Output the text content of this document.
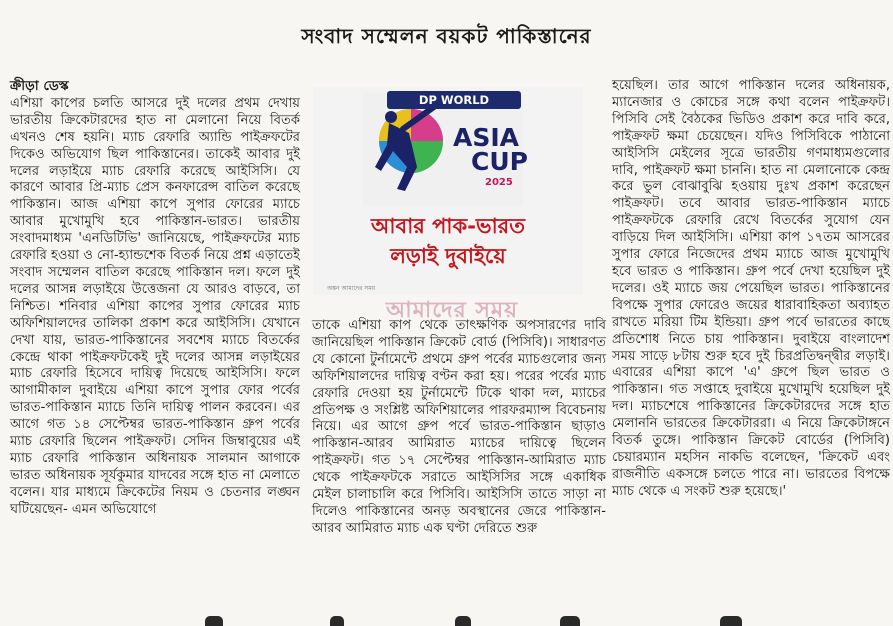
সংবাদ সম্মেলন বয়কট পাকিস্তানের
ক্রীড়া ডেস্ক

এশিয়া কাপের চলতি আসরে দুই দলের প্রথম দেখায় ভারতীয় ক্রিকেটারদের হাত না মেলানো নিয়ে বিতর্ক এখনও শেষ হয়নি। ম্যাচ রেফারি অ্যান্ডি পাইক্রফটের দিকেও অভিযোগ ছিল পাকিস্তানের। তাকেই আবার দুই দলের লড়াইয়ে ম্যাচ রেফারি করেছে আইসিসি। যে কারণে আবার প্রি-ম্যাচ প্রেস কনফারেন্স বাতিল করেছে পাকিস্তান। আজ এশিয়া কাপে সুপার ফোরের ম্যাচে আবার মুখোমুখি হবে পাকিস্তান-ভারত। ভারতীয় সংবাদমাধ্যম 'এনডিটিভি' জানিয়েছে, পাইক্রফটের ম্যাচ রেফারি হওয়া ও নো-হ্যান্ডশেক বিতর্ক নিয়ে প্রশ্ন এড়াতেই সংবাদ সম্মেলন বাতিল করেছে পাকিস্তান দল। ফলে দুই দলের আসন্ন লড়াইয়ে উত্তেজনা যে আরও বাড়বে, তা নিশ্চিত। শনিবার এশিয়া কাপের সুপার ফোরের ম্যাচ অফিশিয়ালদের তালিকা প্রকাশ করে আইসিসি। যেখানে দেখা যায়, ভারত-পাকিস্তানের সবশেষ ম্যাচে বিতর্কের কেন্দ্রে থাকা পাইক্রফটকেই দুই দলের আসন্ন লড়াইয়ের ম্যাচ রেফারি হিসেবে দায়িত্ব দিয়েছে আইসিসি। ফলে আগামীকাল দুবাইয়ে এশিয়া কাপে সুপার ফোর পর্বের ভারত-পাকিস্তান ম্যাচে তিনি দায়িত্ব পালন করবেন। এর আগে গত ১৪ সেপ্টেম্বর ভারত-পাকিস্তান গ্রুপ পর্বের ম্যাচ রেফারি ছিলেন পাইক্রফট। সেদিন জিম্বাবুয়ের এই ম্যাচ রেফারি পাকিস্তান অধিনায়ক সালমান আগাকে ভারত অধিনায়ক সূর্যকুমার যাদবের সঙ্গে হাত না মেলাতে বলেন। যার মাধ্যমে ক্রিকেটের নিয়ম ও চেতনার লঙ্ঘন ঘটিয়েছেন- এমন অভিযোগে

DP WORLD
ASIA
CUP
2025
আবার পাক-ভারত
লড়াই দুবাইয়ে
অঙ্কন আমাদের সময়
আমাদের সময়

তাকে এশিয়া কাপ থেকে তাৎক্ষণিক অপসারণের দাবি জানিয়েছিল পাকিস্তান ক্রিকেট বোর্ড (পিসিবি)। সাধারণত যে কোনো টুর্নামেন্টে প্রথমে গ্রুপ পর্বের ম্যাচগুলোর জন্য অফিশিয়ালদের দায়িত্ব বণ্টন করা হয়। পরের পর্বের ম্যাচ রেফারি দেওয়া হয় টুর্নামেন্টে টিকে থাকা দল, ম্যাচের প্রতিপক্ষ ও সংশ্লিষ্ট অফিশিয়ালের পারফরম্যান্স বিবেচনায় নিয়ে। এর আগে গ্রুপ পর্বে ভারত-পাকিস্তান ছাড়াও পাকিস্তান-আরব আমিরাত ম্যাচের দায়িত্বে ছিলেন পাইক্রফট। গত ১৭ সেপ্টেম্বর পাকিস্তান-আমিরাত ম্যাচ থেকে পাইক্রফটকে সরাতে আইসিসির সঙ্গে একাধিক মেইল চালাচালি করে পিসিবি। আইসিসি তাতে সাড়া না দিলেও পাকিস্তানের অনড় অবস্থানের জেরে পাকিস্তান-আরব আমিরাত ম্যাচ এক ঘণ্টা দেরিতে শুরু

হয়েছিল। তার আগে পাকিস্তান দলের অধিনায়ক, ম্যানেজার ও কোচের সঙ্গে কথা বলেন পাইক্রফট। পিসিবি সেই বৈঠকের ভিডিও প্রকাশ করে দাবি করে, পাইক্রফট ক্ষমা চেয়েছেন। যদিও পিসিবিকে পাঠানো আইসিসি মেইলের সূত্রে ভারতীয় গণমাধ্যমগুলোর দাবি, পাইক্রফট ক্ষমা চাননি। হাত না মেলানোকে কেন্দ্র করে ভুল বোঝাবুঝি হওয়ায় দুঃখ প্রকাশ করেছেন পাইক্রফট। তবে আবার ভারত-পাকিস্তান ম্যাচে পাইক্রফটকে রেফারি রেখে বিতর্কের সুযোগ যেন বাড়িয়ে দিল আইসিসি। এশিয়া কাপ ১৭তম আসরের সুপার ফোরে নিজেদের প্রথম ম্যাচে আজ মুখোমুখি হবে ভারত ও পাকিস্তান। গ্রুপ পর্বে দেখা হয়েছিল দুই দলের। ওই ম্যাচে জয় পেয়েছিল ভারত। পাকিস্তানের বিপক্ষে সুপার ফোরেও জয়ের ধারাবাহিকতা অব্যাহত রাখতে মরিয়া টিম ইন্ডিয়া। গ্রুপ পর্বে ভারতের কাছে প্রতিশোধ নিতে চায় পাকিস্তান। দুবাইয়ে বাংলাদেশ সময় সাড়ে ৮টায় শুরু হবে দুই চিরপ্রতিদ্বন্দ্বীর লড়াই। এবারের এশিয়া কাপে 'এ' গ্রুপে ছিল ভারত ও পাকিস্তান। গত সপ্তাহে দুবাইয়ে মুখোমুখি হয়েছিল দুই দল। ম্যাচশেষে পাকিস্তানের ক্রিকেটারদের সঙ্গে হাত মেলাননি ভারতের ক্রিকেটাররা। এ নিয়ে ক্রিকেটাঙ্গনে বিতর্ক তুঙ্গে। পাকিস্তান ক্রিকেট বোর্ডের (পিসিবি) চেয়ারম্যান মহসিন নাকভি বলেছেন, 'ক্রিকেট এবং রাজনীতি একসঙ্গে চলতে পারে না। ভারতের বিপক্ষে ম্যাচ থেকে এ সংকট শুরু হয়েছে।'
